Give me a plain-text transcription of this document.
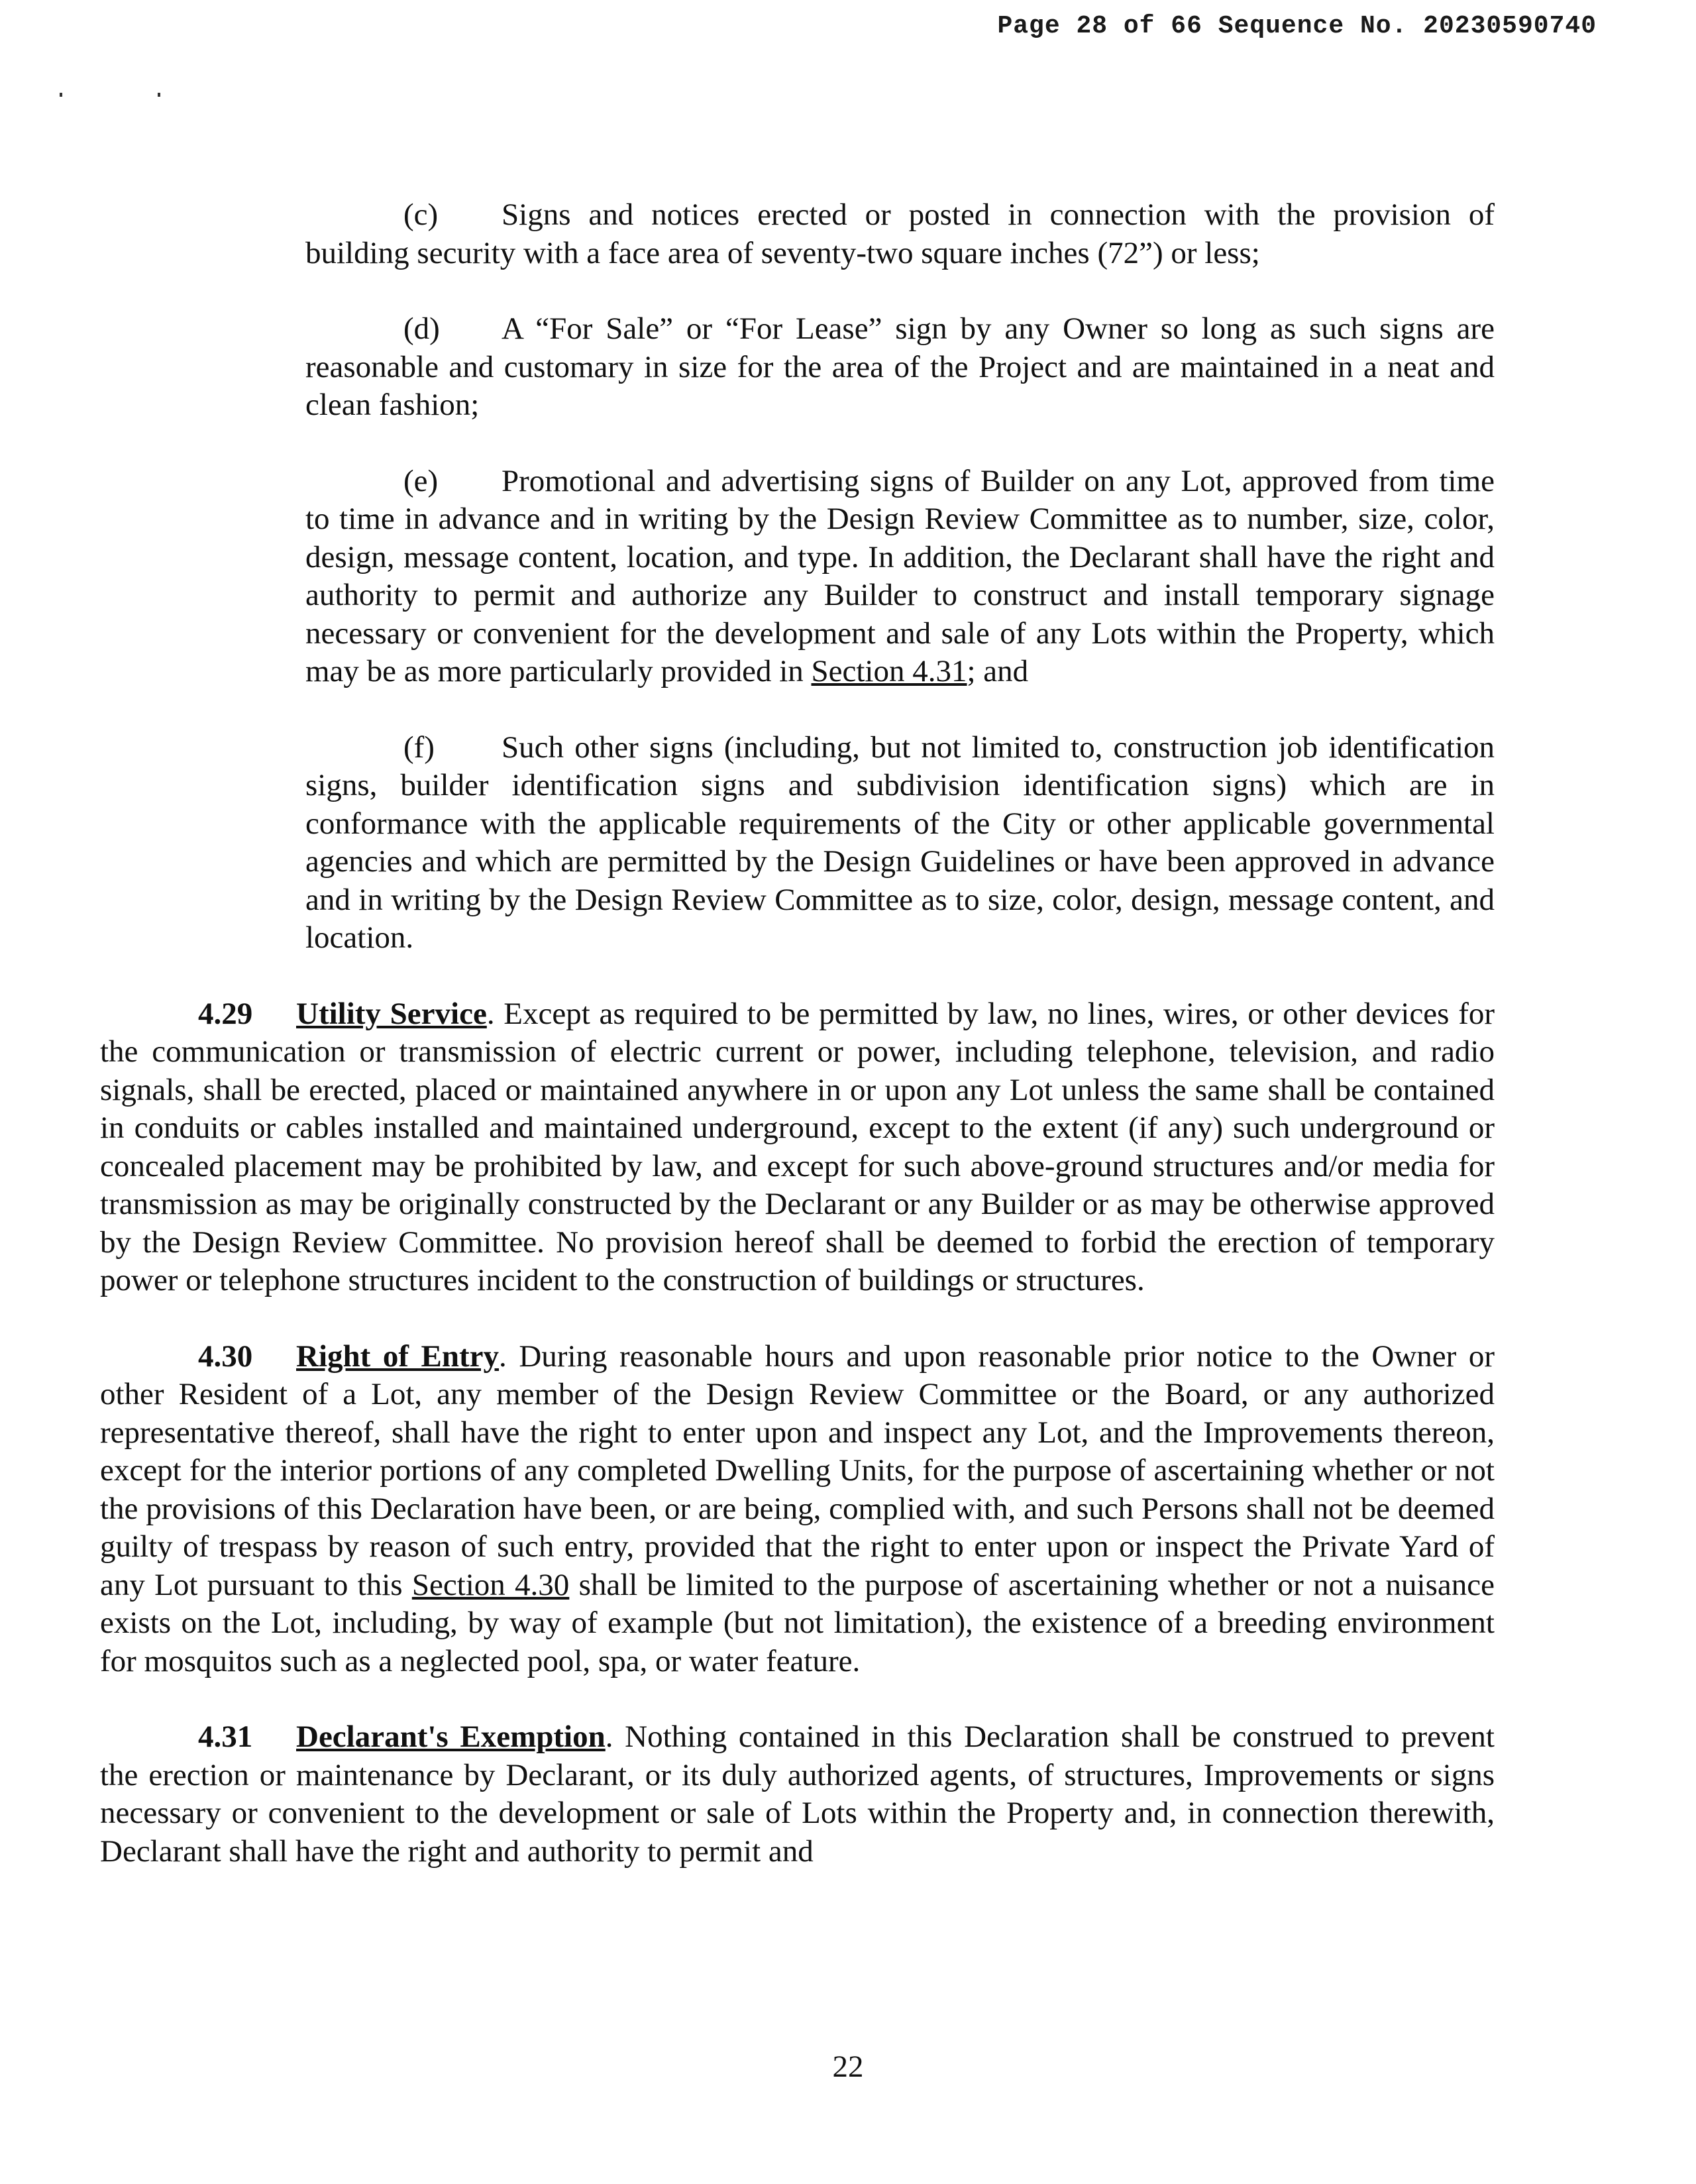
Page 28 of 66 Sequence No. 20230590740

(c) Signs and notices erected or posted in connection with the provision of building security with a face area of seventy-two square inches (72”) or less;

(d) A “For Sale” or “For Lease” sign by any Owner so long as such signs are reasonable and customary in size for the area of the Project and are maintained in a neat and clean fashion;

(e) Promotional and advertising signs of Builder on any Lot, approved from time to time in advance and in writing by the Design Review Committee as to number, size, color, design, message content, location, and type. In addition, the Declarant shall have the right and authority to permit and authorize any Builder to construct and install temporary signage necessary or convenient for the development and sale of any Lots within the Property, which may be as more particularly provided in Section 4.31; and

(f) Such other signs (including, but not limited to, construction job identification signs, builder identification signs and subdivision identification signs) which are in conformance with the applicable requirements of the City or other applicable governmental agencies and which are permitted by the Design Guidelines or have been approved in advance and in writing by the Design Review Committee as to size, color, design, message content, and location.

4.29 Utility Service. Except as required to be permitted by law, no lines, wires, or other devices for the communication or transmission of electric current or power, including telephone, television, and radio signals, shall be erected, placed or maintained anywhere in or upon any Lot unless the same shall be contained in conduits or cables installed and maintained underground, except to the extent (if any) such underground or concealed placement may be prohibited by law, and except for such above-ground structures and/or media for transmission as may be originally constructed by the Declarant or any Builder or as may be otherwise approved by the Design Review Committee. No provision hereof shall be deemed to forbid the erection of temporary power or telephone structures incident to the construction of buildings or structures.

4.30 Right of Entry. During reasonable hours and upon reasonable prior notice to the Owner or other Resident of a Lot, any member of the Design Review Committee or the Board, or any authorized representative thereof, shall have the right to enter upon and inspect any Lot, and the Improvements thereon, except for the interior portions of any completed Dwelling Units, for the purpose of ascertaining whether or not the provisions of this Declaration have been, or are being, complied with, and such Persons shall not be deemed guilty of trespass by reason of such entry, provided that the right to enter upon or inspect the Private Yard of any Lot pursuant to this Section 4.30 shall be limited to the purpose of ascertaining whether or not a nuisance exists on the Lot, including, by way of example (but not limitation), the existence of a breeding environment for mosquitos such as a neglected pool, spa, or water feature.

4.31 Declarant's Exemption. Nothing contained in this Declaration shall be construed to prevent the erection or maintenance by Declarant, or its duly authorized agents, of structures, Improvements or signs necessary or convenient to the development or sale of Lots within the Property and, in connection therewith, Declarant shall have the right and authority to permit and

22
